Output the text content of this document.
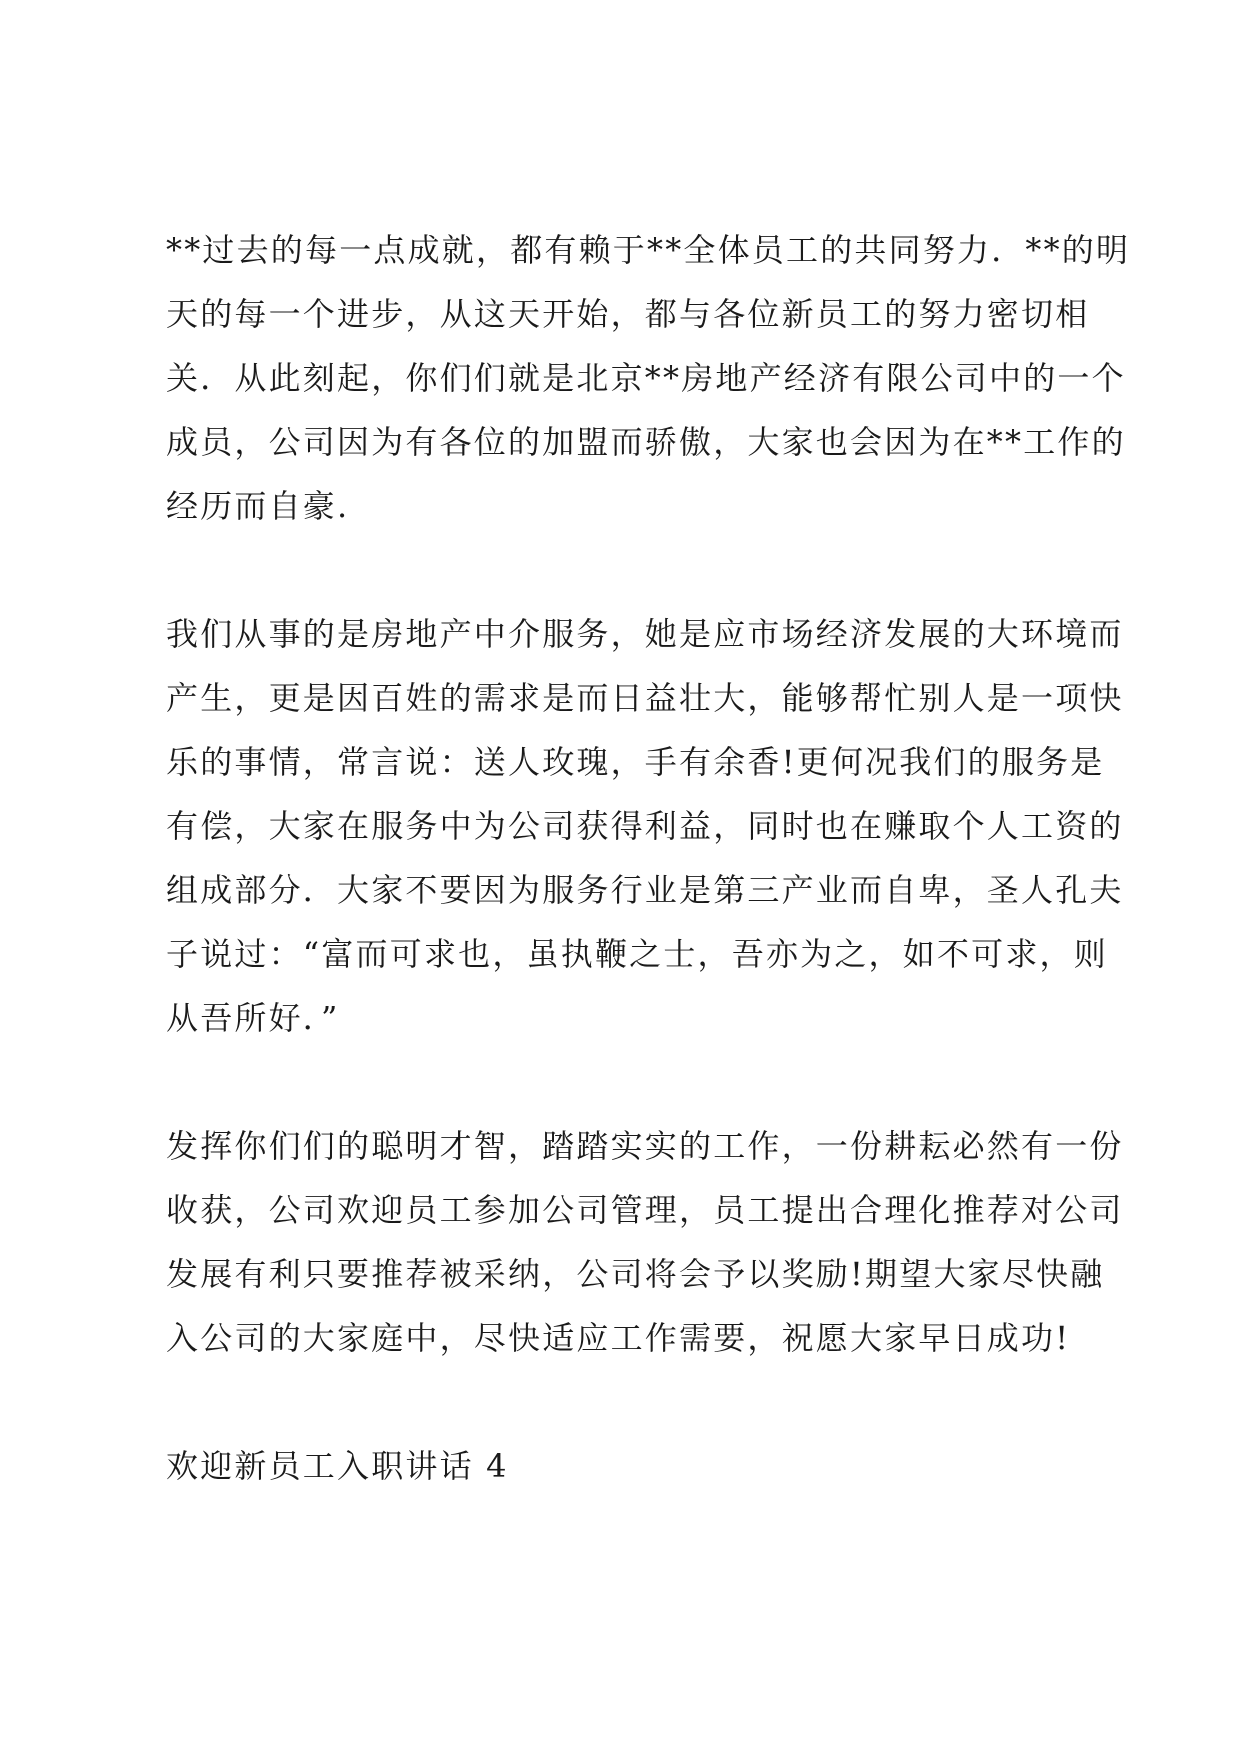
**过去的每一点成就，都有赖于**全体员工的共同努力．**的明
天的每一个进步，从这天开始，都与各位新员工的努力密切相
关．从此刻起，你们们就是北京**房地产经济有限公司中的一个
成员，公司因为有各位的加盟而骄傲，大家也会因为在**工作的
经历而自豪.
我们从事的是房地产中介服务，她是应市场经济发展的大环境而
产生，更是因百姓的需求是而日益壮大，能够帮忙别人是一项快
乐的事情，常言说：送人玫瑰，手有余香!更何况我们的服务是
有偿，大家在服务中为公司获得利益，同时也在赚取个人工资的
组成部分．大家不要因为服务行业是第三产业而自卑，圣人孔夫
子说过：“富而可求也，虽执鞭之士，吾亦为之，如不可求，则
从吾所好．”
发挥你们们的聪明才智，踏踏实实的工作，一份耕耘必然有一份
收获，公司欢迎员工参加公司管理，员工提出合理化推荐对公司
发展有利只要推荐被采纳，公司将会予以奖励!期望大家尽快融
入公司的大家庭中，尽快适应工作需要，祝愿大家早日成功!
欢迎新员工入职讲话 4
